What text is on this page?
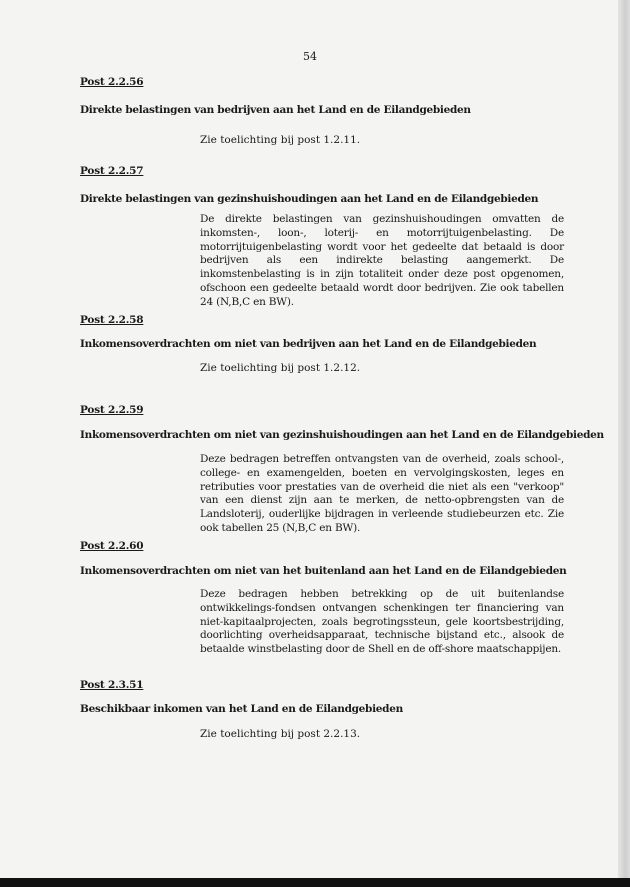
54
Post 2.2.56
Direkte belastingen van bedrijven aan het Land en de Eilandgebieden
Zie toelichting bij post 1.2.11.
Post 2.2.57
Direkte belastingen van gezinshuishoudingen aan het Land en de Eilandgebieden
De direkte belastingen van gezinshuishoudingen omvatten de inkomsten-, loon-, loterij- en motorrijtuigenbelasting. De motorrijtuigenbelasting wordt voor het gedeelte dat betaald is door bedrijven als een indirekte belasting aangemerkt. De inkomstenbelasting is in zijn totaliteit onder deze post opgenomen, ofschoon een gedeelte betaald wordt door bedrijven. Zie ook tabellen 24 (N,B,C en BW).
Post 2.2.58
Inkomensoverdrachten om niet van bedrijven aan het Land en de Eilandgebieden
Zie toelichting bij post 1.2.12.
Post 2.2.59
Inkomensoverdrachten om niet van gezinshuishoudingen aan het Land en de Eilandgebieden
Deze bedragen betreffen ontvangsten van de overheid, zoals school-, college- en examengelden, boeten en vervolgingskosten, leges en retributies voor prestaties van de overheid die niet als een "verkoop" van een dienst zijn aan te merken, de netto-opbrengsten van de Landsloterij, ouderlijke bijdragen in verleende studiebeurzen etc. Zie ook tabellen 25 (N,B,C en BW).
Post 2.2.60
Inkomensoverdrachten om niet van het buitenland aan het Land en de Eilandgebieden
Deze bedragen hebben betrekking op de uit buitenlandse ontwikkelings-fondsen ontvangen schenkingen ter financiering van niet-kapitaalprojecten, zoals begrotingssteun, gele koortsbestrijding, doorlichting overheidsapparaat, technische bijstand etc., alsook de betaalde winstbelasting door de Shell en de off-shore maatschappijen.
Post 2.3.51
Beschikbaar inkomen van het Land en de Eilandgebieden
Zie toelichting bij post 2.2.13.
